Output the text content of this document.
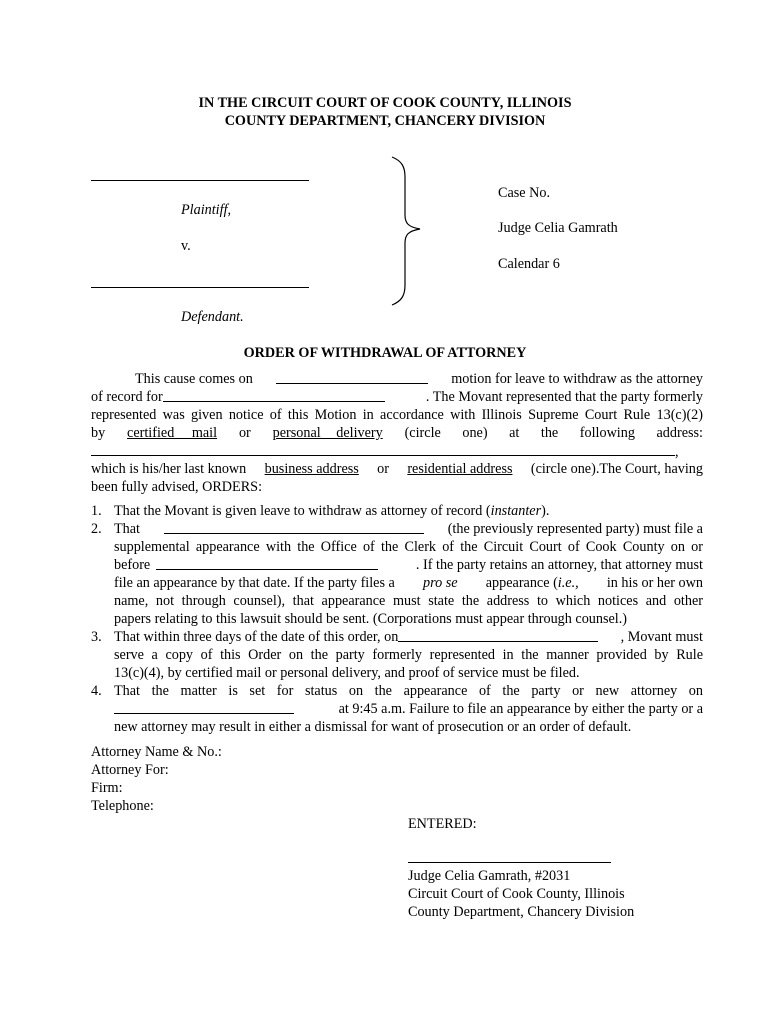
IN THE CIRCUIT COURT OF COOK COUNTY, ILLINOIS
COUNTY DEPARTMENT, CHANCERY DIVISION
Plaintiff,
v.
Defendant.
Case No.
Judge Celia Gamrath
Calendar 6
ORDER OF WITHDRAWAL OF ATTORNEY
This cause comes on	motion for leave to withdraw as the attorney
of record for	. The Movant represented that the party formerly
represented was given notice of this Motion in accordance with Illinois Supreme Court Rule 13(c)(2)
by certified mail or personal delivery (circle one) at the following address:
,
which is his/her last known business address or residential address (circle one).The Court, having
been fully advised, ORDERS:
1. That the Movant is given leave to withdraw as attorney of record (instanter).
2. That	(the previously represented party) must file a
supplemental appearance with the Office of the Clerk of the Circuit Court of Cook County on or
before	. If the party retains an attorney, that attorney must
file an appearance by that date. If the party files a pro se appearance (i.e., in his or her own
name, not through counsel), that appearance must state the address to which notices and other
papers relating to this lawsuit should be sent. (Corporations must appear through counsel.)
3. That within three days of the date of this order, on	, Movant must
serve a copy of this Order on the party formerly represented in the manner provided by Rule
13(c)(4), by certified mail or personal delivery, and proof of service must be filed.
4. That the matter is set for status on the appearance of the party or new attorney on
at 9:45 a.m. Failure to file an appearance by either the party or a
new attorney may result in either a dismissal for want of prosecution or an order of default.
Attorney Name & No.:
Attorney For:
Firm:
Telephone:
ENTERED:
Judge Celia Gamrath, #2031
Circuit Court of Cook County, Illinois
County Department, Chancery Division
